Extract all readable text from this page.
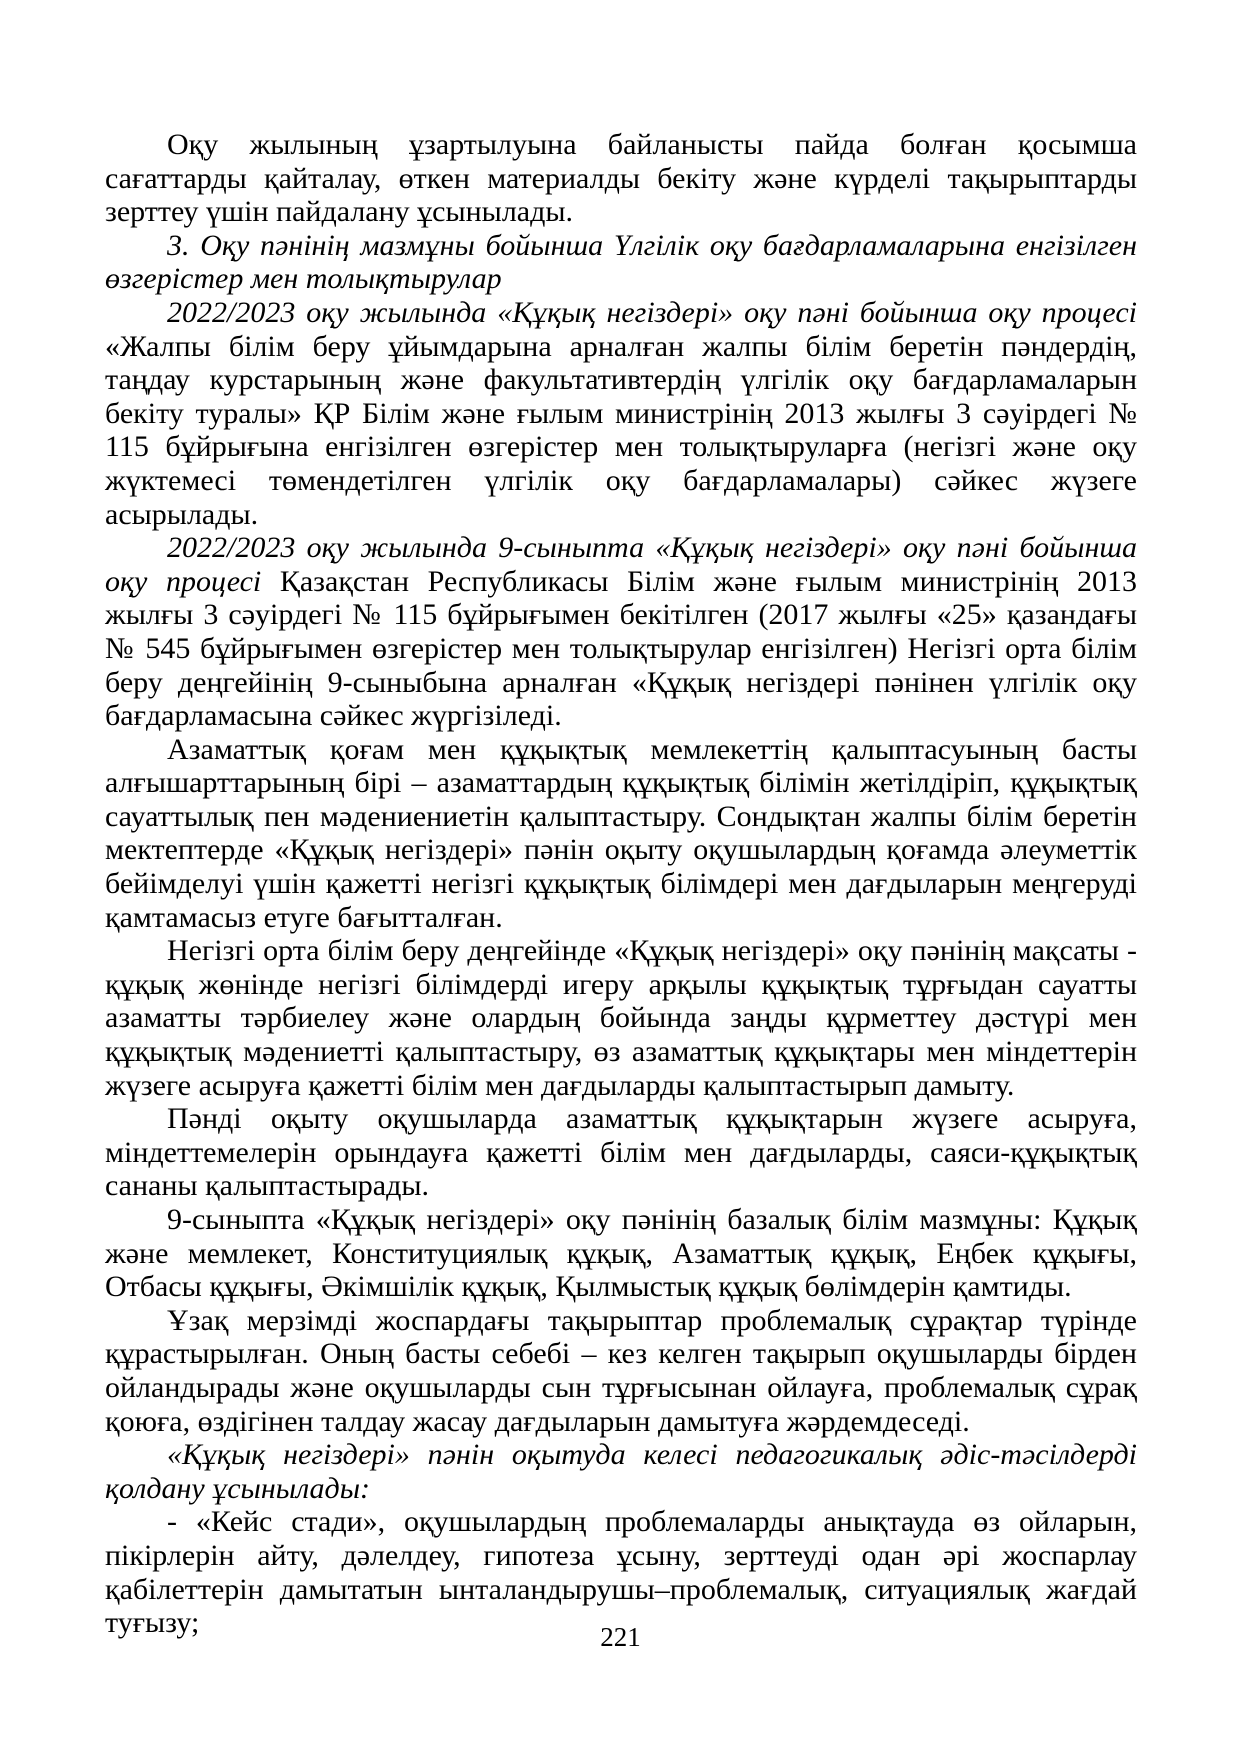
Оқу жылының ұзартылуына байланысты пайда болған қосымша сағаттарды қайталау, өткен материалды бекіту және күрделі тақырыптарды зерттеу үшін пайдалану ұсынылады.

3. Оқу пәнінің мазмұны бойынша Үлгілік оқу бағдарламаларына енгізілген өзгерістер мен толықтырулар

2022/2023 оқу жылында «Құқық негіздері» оқу пәні бойынша оқу процесі «Жалпы білім беру ұйымдарына арналған жалпы білім беретін пәндердің, таңдау курстарының және факультативтердің үлгілік оқу бағдарламаларын бекіту туралы» ҚР Білім және ғылым министрінің 2013 жылғы 3 сәуірдегі № 115 бұйрығына енгізілген өзгерістер мен толықтыруларға (негізгі және оқу жүктемесі төмендетілген үлгілік оқу бағдарламалары) сәйкес жүзеге асырылады.

2022/2023 оқу жылында 9-сыныпта «Құқық негіздері» оқу пәні бойынша оқу процесі Қазақстан Республикасы Білім және ғылым министрінің 2013 жылғы 3 сәуірдегі № 115 бұйрығымен бекітілген (2017 жылғы «25» қазандағы № 545 бұйрығымен өзгерістер мен толықтырулар енгізілген) Негізгі орта білім беру деңгейінің 9-сыныбына арналған «Құқық негіздері пәнінен үлгілік оқу бағдарламасына сәйкес жүргізіледі.

Азаматтық қоғам мен құқықтық мемлекеттің қалыптасуының басты алғышарттарының бірі – азаматтардың құқықтық білімін жетілдіріп, құқықтық сауаттылық пен мәдениениетін қалыптастыру. Сондықтан жалпы білім беретін мектептерде «Құқық негіздері» пәнін оқыту оқушылардың қоғамда әлеуметтік бейімделуі үшін қажетті негізгі құқықтық білімдері мен дағдыларын меңгеруді қамтамасыз етуге бағытталған.

Негізгі орта білім беру деңгейінде «Құқық негіздері» оқу пәнінің мақсаты - құқық жөнінде негізгі білімдерді игеру арқылы құқықтық тұрғыдан сауатты азаматты тәрбиелеу және олардың бойында заңды құрметтеу дәстүрі мен құқықтық мәдениетті қалыптастыру, өз азаматтық құқықтары мен міндеттерін жүзеге асыруға қажетті білім мен дағдыларды қалыптастырып дамыту.

Пәнді оқыту оқушыларда азаматтық құқықтарын жүзеге асыруға, міндеттемелерін орындауға қажетті білім мен дағдыларды, саяси-құқықтық сананы қалыптастырады.

9-сыныпта «Құқық негіздері» оқу пәнінің базалық білім мазмұны: Құқық және мемлекет, Конституциялық құқық, Азаматтық құқық, Еңбек құқығы, Отбасы құқығы, Әкімшілік құқық, Қылмыстық құқық бөлімдерін қамтиды.

Ұзақ мерзімді жоспардағы тақырыптар проблемалық сұрақтар түрінде құрастырылған. Оның басты себебі – кез келген тақырып оқушыларды бірден ойландырады және оқушыларды сын тұрғысынан ойлауға, проблемалық сұрақ қоюға, өздігінен талдау жасау дағдыларын дамытуға жәрдемдеседі.

«Құқық негіздері» пәнін оқытуда келесі педагогикалық әдіс-тәсілдерді қолдану ұсынылады:

- «Кейс стади», оқушылардың проблемаларды анықтауда өз ойларын, пікірлерін айту, дәлелдеу, гипотеза ұсыну, зерттеуді одан әрі жоспарлау қабілеттерін дамытатын ынталандырушы–проблемалық, ситуациялық жағдай туғызу;	221
